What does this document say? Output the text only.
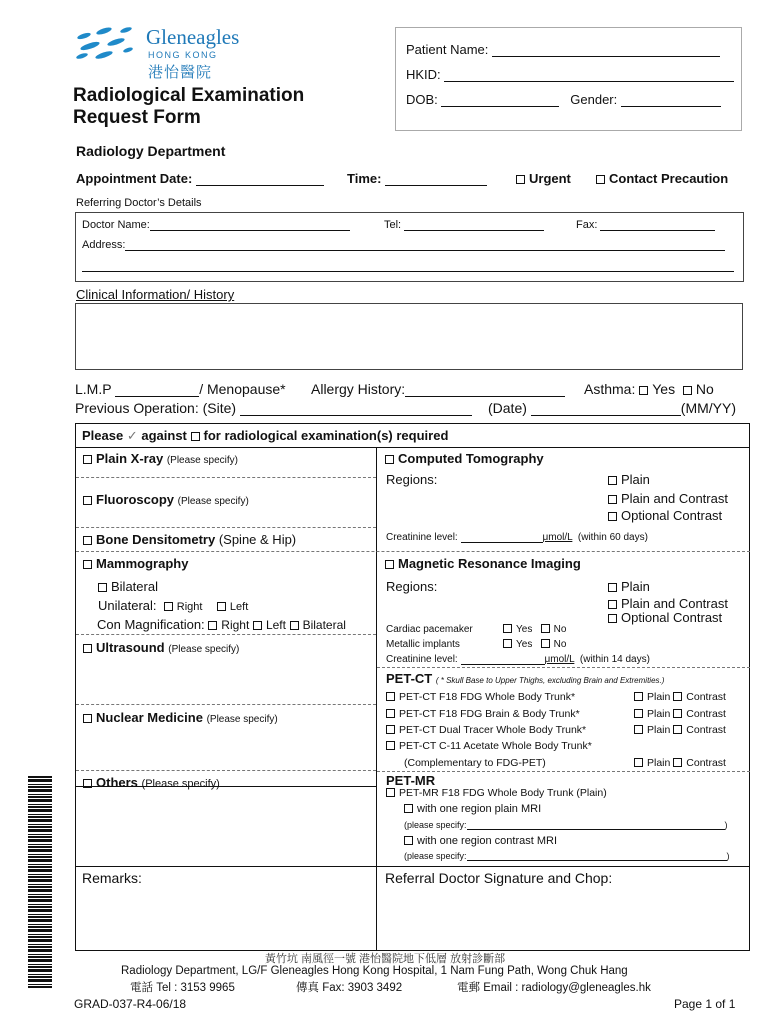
Gleneagles
HONG KONG
港怡醫院
Radiological Examination
Request Form
Patient Name:
HKID:
DOB:	Gender:
Radiology Department
Appointment Date:	Time:	Urgent	Contact Precaution
Referring Doctor’s Details
Doctor Name:	Tel:	Fax:
Address:
Clinical Information/ History
L.M.P	/ Menopause* Allergy History:	Asthma: Yes No
Previous Operation: (Site)	(Date)	(MM/YY)
Please ✓ against for radiological examination(s) required
Plain X-ray (Please specify)
Fluoroscopy (Please specify)
Bone Densitometry (Spine & Hip)
Mammography
Bilateral
Unilateral: Right Left
Con Magnification: Right Left Bilateral
Ultrasound (Please specify)
Nuclear Medicine (Please specify)
Others (Please specify)
Computed Tomography
Regions:	Plain
Plain and Contrast
Optional Contrast
Creatinine level:	μmol/L (within 60 days)
Magnetic Resonance Imaging
Regions:	Plain
Plain and Contrast
Optional Contrast
Cardiac pacemaker	Yes No
Metallic implants	Yes No
Creatinine level:	μmol/L (within 14 days)
PET-CT ( * Skull Base to Upper Thighs, excluding Brain and Extremities.)
PET-CT F18 FDG Whole Body Trunk*	Plain Contrast
PET-CT F18 FDG Brain & Body Trunk*	Plain Contrast
PET-CT Dual Tracer Whole Body Trunk*	Plain Contrast
PET-CT C-11 Acetate Whole Body Trunk*
(Complementary to FDG-PET)	Plain Contrast
PET-MR
PET-MR F18 FDG Whole Body Trunk (Plain)
with one region plain MRI
(please specify:	)
with one region contrast MRI
(please specify:	)
Remarks:	Referral Doctor Signature and Chop:
黃竹坑 南風徑一號 港怡醫院地下低層 放射診斷部
Radiology Department, LG/F Gleneagles Hong Kong Hospital, 1 Nam Fung Path, Wong Chuk Hang
電話 Tel : 3153 9965	傳真 Fax: 3903 3492	電郵 Email : radiology@gleneagles.hk
GRAD-037-R4-06/18	Page 1 of 1
